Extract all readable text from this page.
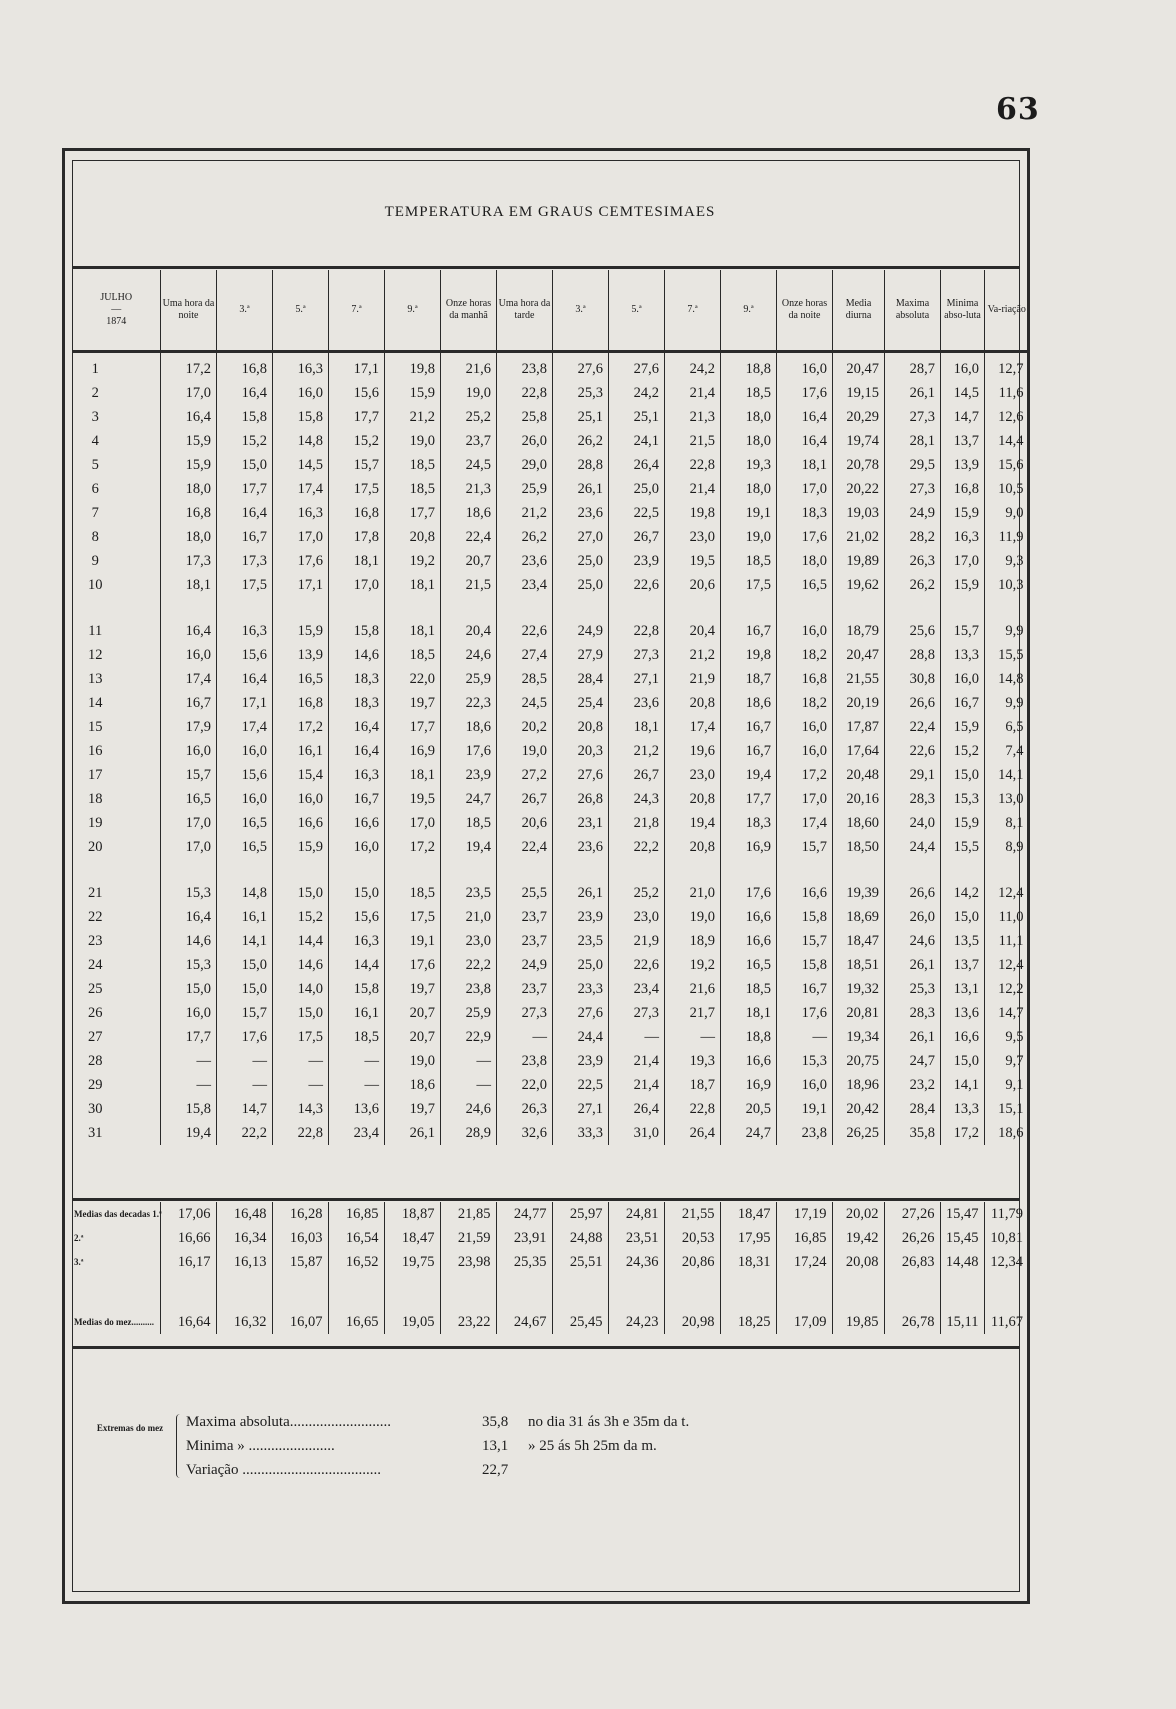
63
TEMPERATURA EM GRAUS CEMTESIMAES
JULHO
—
1874	Uma hora da noite	3.ª	5.ª	7.ª	9.ª	Onze horas da manhã	Uma hora da tarde	3.ª	5.ª	7.ª	9.ª	Onze horas da noite	Media diurna	Maxima absoluta	Minima abso-luta	Va-riação
1	17,2	16,8	16,3	17,1	19,8	21,6	23,8	27,6	27,6	24,2	18,8	16,0	20,47	28,7	16,0	12,7
2	17,0	16,4	16,0	15,6	15,9	19,0	22,8	25,3	24,2	21,4	18,5	17,6	19,15	26,1	14,5	11,6
3	16,4	15,8	15,8	17,7	21,2	25,2	25,8	25,1	25,1	21,3	18,0	16,4	20,29	27,3	14,7	12,6
4	15,9	15,2	14,8	15,2	19,0	23,7	26,0	26,2	24,1	21,5	18,0	16,4	19,74	28,1	13,7	14,4
5	15,9	15,0	14,5	15,7	18,5	24,5	29,0	28,8	26,4	22,8	19,3	18,1	20,78	29,5	13,9	15,6
6	18,0	17,7	17,4	17,5	18,5	21,3	25,9	26,1	25,0	21,4	18,0	17,0	20,22	27,3	16,8	10,5
7	16,8	16,4	16,3	16,8	17,7	18,6	21,2	23,6	22,5	19,8	19,1	18,3	19,03	24,9	15,9	9,0
8	18,0	16,7	17,0	17,8	20,8	22,4	26,2	27,0	26,7	23,0	19,0	17,6	21,02	28,2	16,3	11,9
9	17,3	17,3	17,6	18,1	19,2	20,7	23,6	25,0	23,9	19,5	18,5	18,0	19,89	26,3	17,0	9,3
10	18,1	17,5	17,1	17,0	18,1	21,5	23,4	25,0	22,6	20,6	17,5	16,5	19,62	26,2	15,9	10,3

11	16,4	16,3	15,9	15,8	18,1	20,4	22,6	24,9	22,8	20,4	16,7	16,0	18,79	25,6	15,7	9,9
12	16,0	15,6	13,9	14,6	18,5	24,6	27,4	27,9	27,3	21,2	19,8	18,2	20,47	28,8	13,3	15,5
13	17,4	16,4	16,5	18,3	22,0	25,9	28,5	28,4	27,1	21,9	18,7	16,8	21,55	30,8	16,0	14,8
14	16,7	17,1	16,8	18,3	19,7	22,3	24,5	25,4	23,6	20,8	18,6	18,2	20,19	26,6	16,7	9,9
15	17,9	17,4	17,2	16,4	17,7	18,6	20,2	20,8	18,1	17,4	16,7	16,0	17,87	22,4	15,9	6,5
16	16,0	16,0	16,1	16,4	16,9	17,6	19,0	20,3	21,2	19,6	16,7	16,0	17,64	22,6	15,2	7,4
17	15,7	15,6	15,4	16,3	18,1	23,9	27,2	27,6	26,7	23,0	19,4	17,2	20,48	29,1	15,0	14,1
18	16,5	16,0	16,0	16,7	19,5	24,7	26,7	26,8	24,3	20,8	17,7	17,0	20,16	28,3	15,3	13,0
19	17,0	16,5	16,6	16,6	17,0	18,5	20,6	23,1	21,8	19,4	18,3	17,4	18,60	24,0	15,9	8,1
20	17,0	16,5	15,9	16,0	17,2	19,4	22,4	23,6	22,2	20,8	16,9	15,7	18,50	24,4	15,5	8,9

21	15,3	14,8	15,0	15,0	18,5	23,5	25,5	26,1	25,2	21,0	17,6	16,6	19,39	26,6	14,2	12,4
22	16,4	16,1	15,2	15,6	17,5	21,0	23,7	23,9	23,0	19,0	16,6	15,8	18,69	26,0	15,0	11,0
23	14,6	14,1	14,4	16,3	19,1	23,0	23,7	23,5	21,9	18,9	16,6	15,7	18,47	24,6	13,5	11,1
24	15,3	15,0	14,6	14,4	17,6	22,2	24,9	25,0	22,6	19,2	16,5	15,8	18,51	26,1	13,7	12,4
25	15,0	15,0	14,0	15,8	19,7	23,8	23,7	23,3	23,4	21,6	18,5	16,7	19,32	25,3	13,1	12,2
26	16,0	15,7	15,0	16,1	20,7	25,9	27,3	27,6	27,3	21,7	18,1	17,6	20,81	28,3	13,6	14,7
27	17,7	17,6	17,5	18,5	20,7	22,9	—	24,4	—	—	18,8	—	19,34	26,1	16,6	9,5
28	—	—	—	—	19,0	—	23,8	23,9	21,4	19,3	16,6	15,3	20,75	24,7	15,0	9,7
29	—	—	—	—	18,6	—	22,0	22,5	21,4	18,7	16,9	16,0	18,96	23,2	14,1	9,1
30	15,8	14,7	14,3	13,6	19,7	24,6	26,3	27,1	26,4	22,8	20,5	19,1	20,42	28,4	13,3	15,1
31	19,4	22,2	22,8	23,4	26,1	28,9	32,6	33,3	31,0	26,4	24,7	23,8	26,25	35,8	17,2	18,6
Medias das decadas 1.ª	17,06	16,48	16,28	16,85	18,87	21,85	24,77	25,97	24,81	21,55	18,47	17,19	20,02	27,26	15,47	11,79
2.ª	16,66	16,34	16,03	16,54	18,47	21,59	23,91	24,88	23,51	20,53	17,95	16,85	19,42	26,26	15,45	10,81
3.ª	16,17	16,13	15,87	16,52	19,75	23,98	25,35	25,51	24,36	20,86	18,31	17,24	20,08	26,83	14,48	12,34

Medias do mez..........	16,64	16,32	16,07	16,65	19,05	23,22	24,67	25,45	24,23	20,98	18,25	17,09	19,85	26,78	15,11	11,67
Extremas do mez	Maxima absoluta...........................	35,8 no dia 31 ás 3h e 35m da t.
Minima » .......................	13,1 » 25 ás 5h 25m da m.
Variação .....................................	22,7
